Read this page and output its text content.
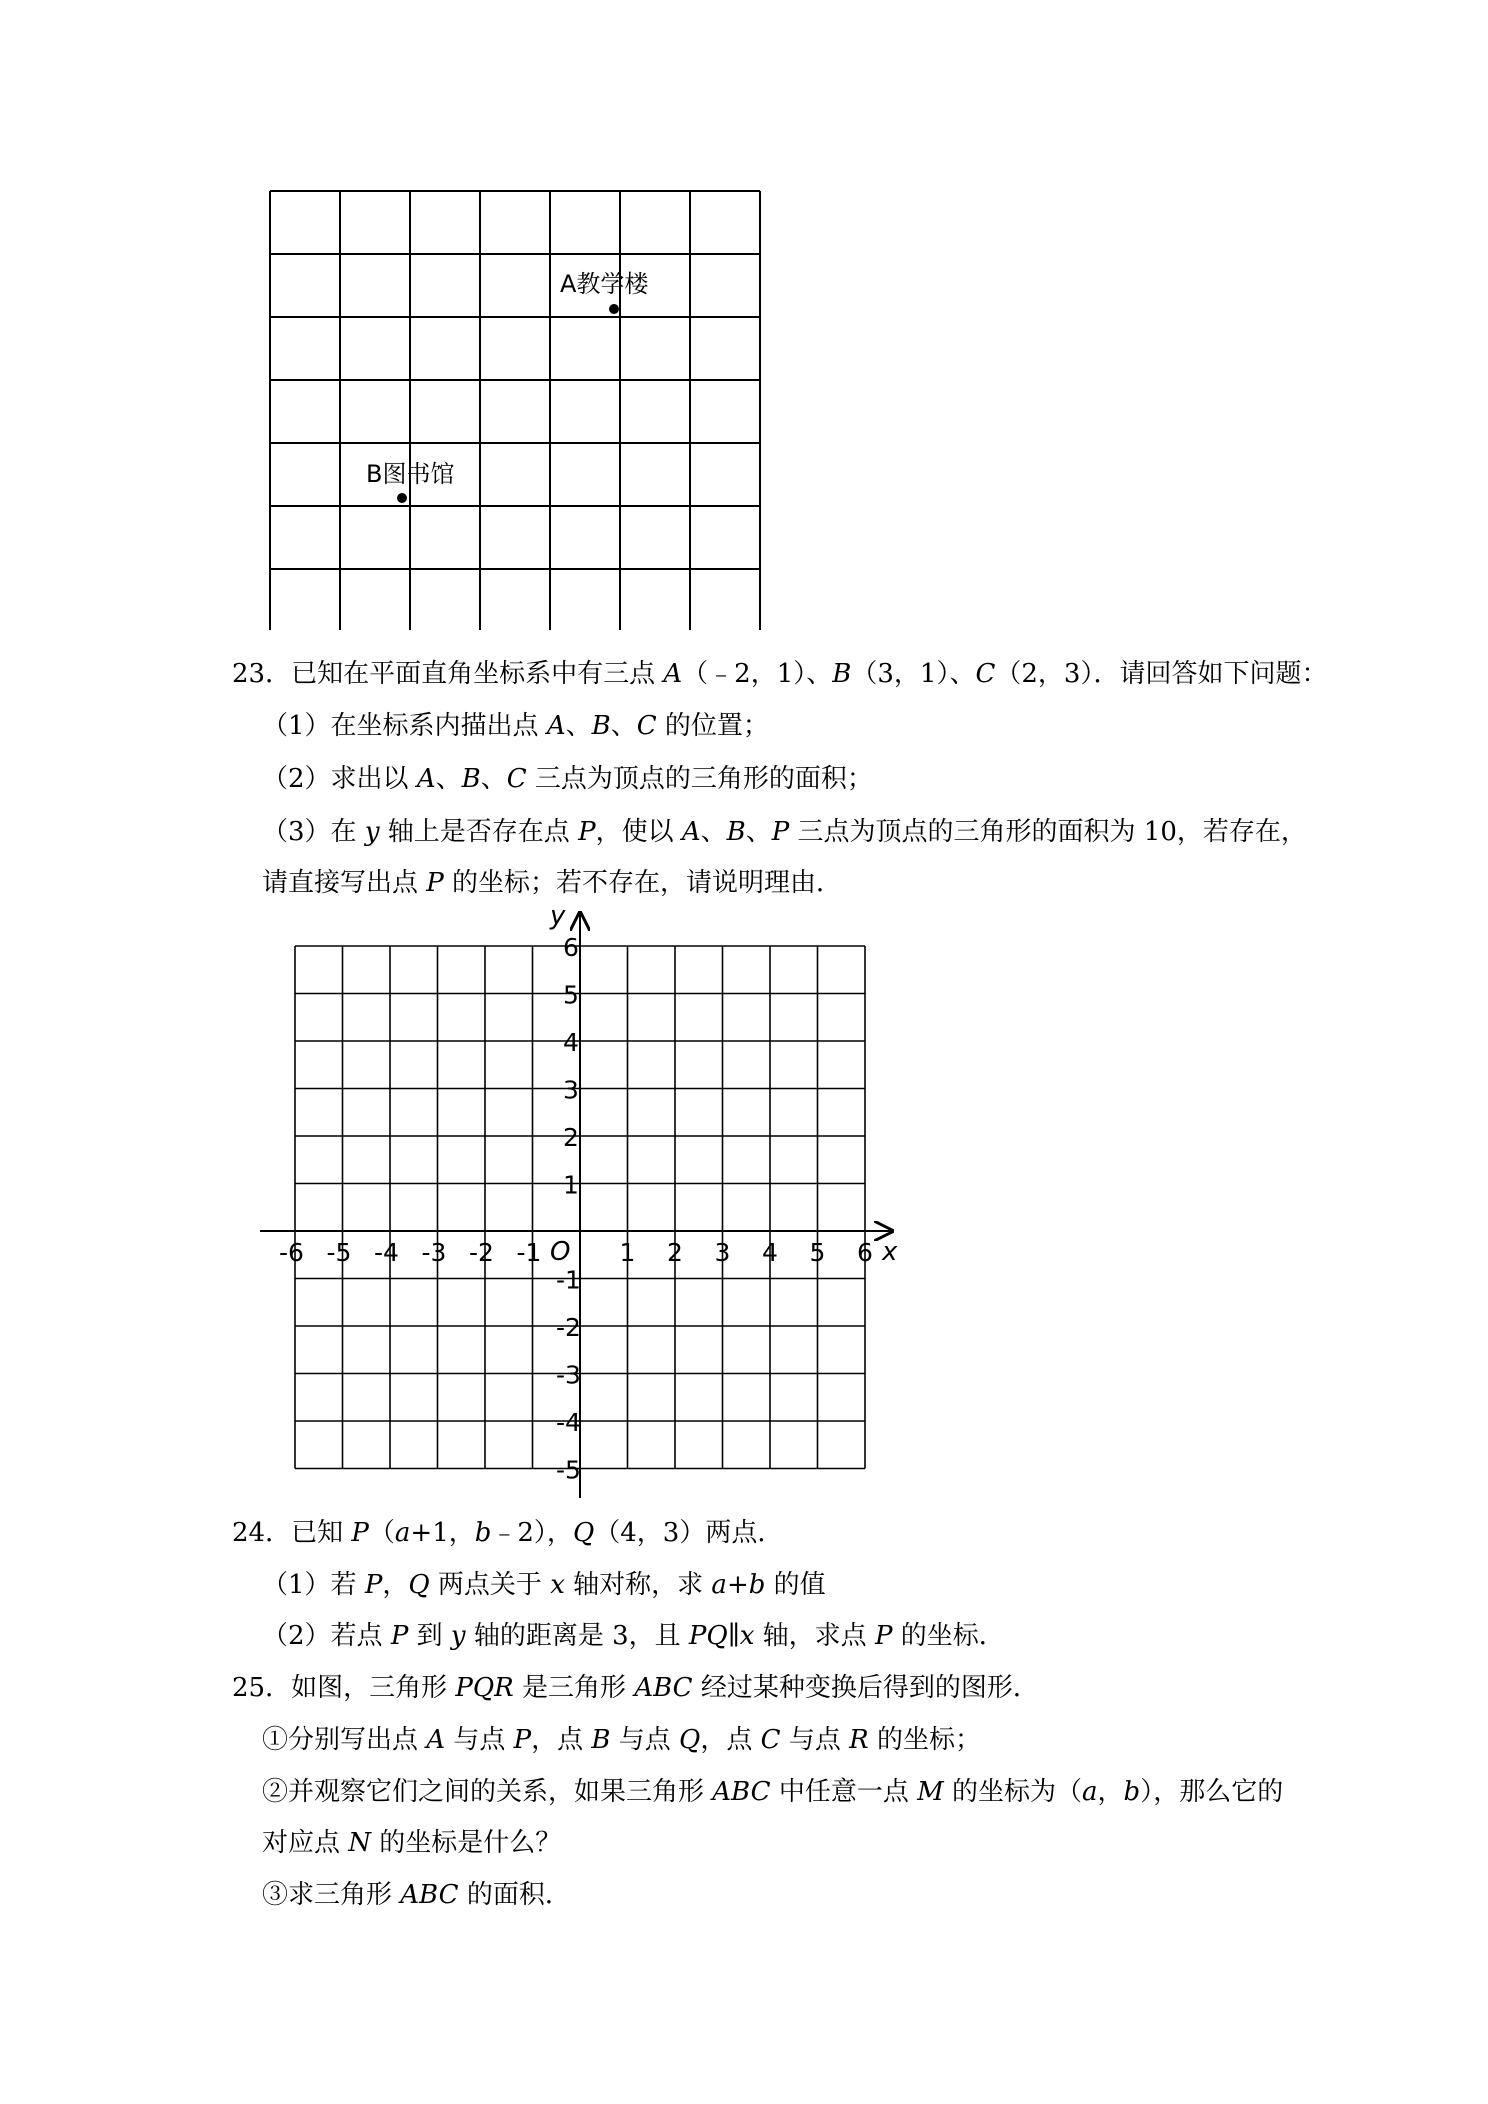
A教学楼
B图书馆
23．已知在平面直角坐标系中有三点 A（﹣2，1）、B（3，1）、C（2，3）．请回答如下问题：
（1）在坐标系内描出点 A、B、C 的位置；
（2）求出以 A、B、C 三点为顶点的三角形的面积；
（3）在 y 轴上是否存在点 P，使以 A、B、P 三点为顶点的三角形的面积为 10，若存在，
请直接写出点 P 的坐标；若不存在，请说明理由．
x
y
O
-6 -5 -4 -3 -2 -1	1 2 3 4 5 6
6
5
4
3
2
1
-1
-2
-3
-4
-5
24．已知 P（a+1，b﹣2），Q（4，3）两点．
（1）若 P，Q 两点关于 x 轴对称，求 a+b 的值
（2）若点 P 到 y 轴的距离是 3，且 PQ∥x 轴，求点 P 的坐标．
25．如图，三角形 PQR 是三角形 ABC 经过某种变换后得到的图形．
①分别写出点 A 与点 P，点 B 与点 Q，点 C 与点 R 的坐标；
②并观察它们之间的关系，如果三角形 ABC 中任意一点 M 的坐标为（a，b），那么它的
对应点 N 的坐标是什么？
③求三角形 ABC 的面积．
